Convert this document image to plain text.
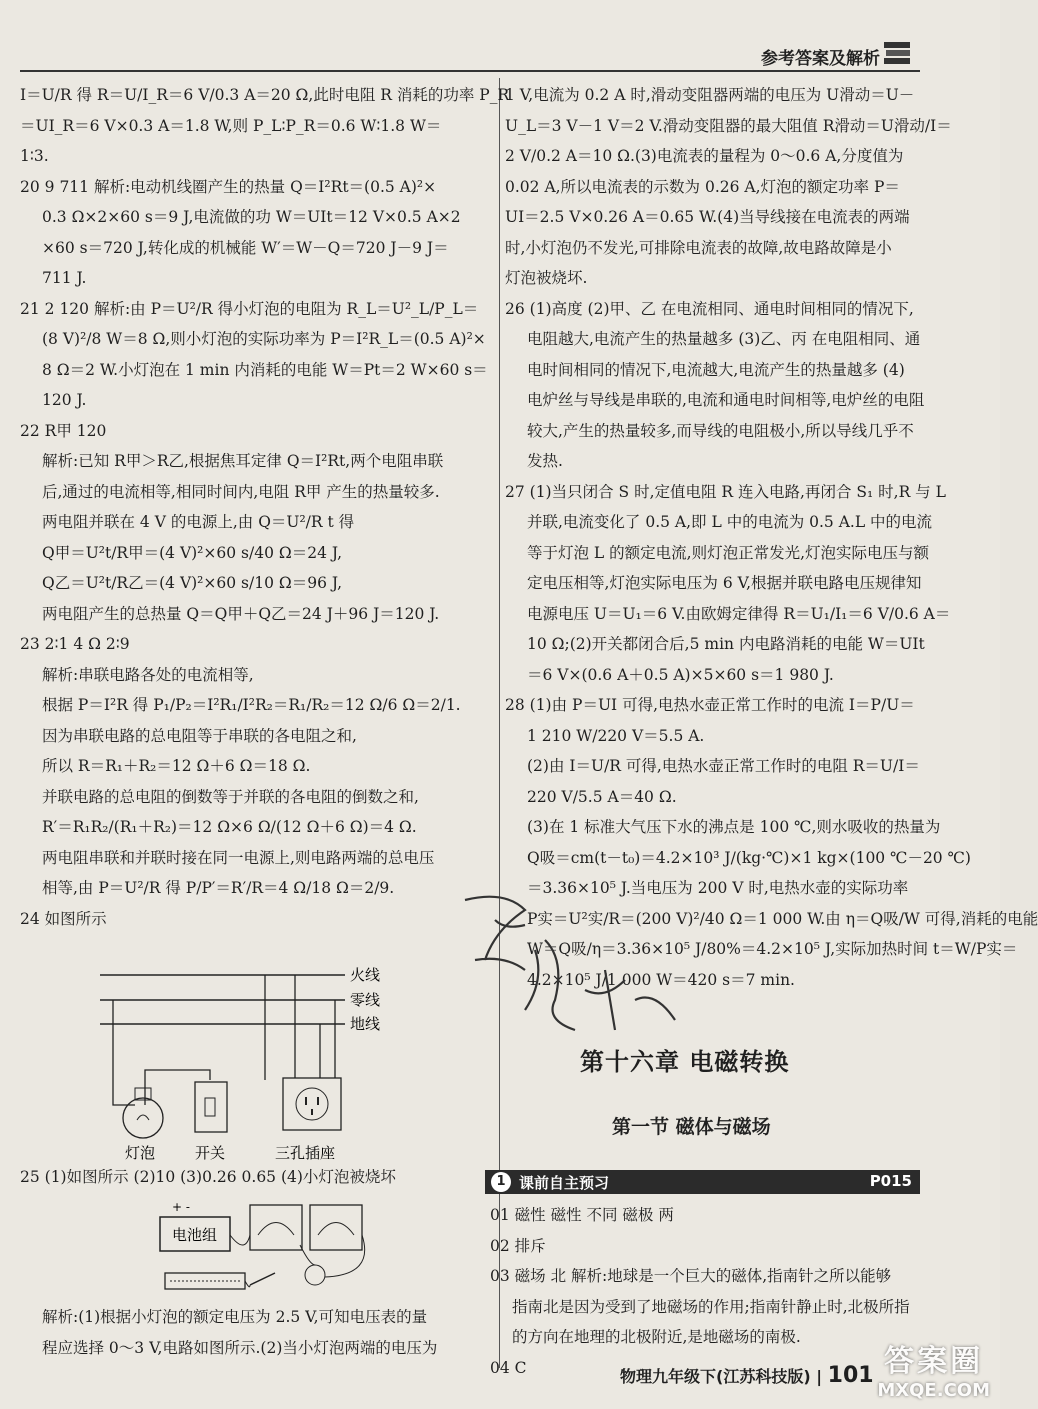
参考答案及解析
I＝U/R 得 R＝U/I_R＝6 V/0.3 A＝20 Ω,此时电阻 R 消耗的功率 P_R
＝UI_R＝6 V×0.3 A＝1.8 W,则 P_L∶P_R＝0.6 W∶1.8 W＝
1∶3.
20 9 711 解析:电动机线圈产生的热量 Q＝I²Rt＝(0.5 A)²×
0.3 Ω×2×60 s＝9 J,电流做的功 W＝UIt＝12 V×0.5 A×2
×60 s＝720 J,转化成的机械能 W′＝W－Q＝720 J－9 J＝
711 J.
21 2 120 解析:由 P＝U²/R 得小灯泡的电阻为 R_L＝U²_L/P_L＝
(8 V)²/8 W＝8 Ω,则小灯泡的实际功率为 P＝I²R_L＝(0.5 A)²×
8 Ω＝2 W.小灯泡在 1 min 内消耗的电能 W＝Pt＝2 W×60 s＝
120 J.
22 R甲 120
解析:已知 R甲＞R乙,根据焦耳定律 Q＝I²Rt,两个电阻串联
后,通过的电流相等,相同时间内,电阻 R甲 产生的热量较多.
两电阻并联在 4 V 的电源上,由 Q＝U²/R t 得
Q甲＝U²t/R甲＝(4 V)²×60 s/40 Ω＝24 J,
Q乙＝U²t/R乙＝(4 V)²×60 s/10 Ω＝96 J,
两电阻产生的总热量 Q＝Q甲＋Q乙＝24 J＋96 J＝120 J.
23 2∶1 4 Ω 2∶9
解析:串联电路各处的电流相等,
根据 P＝I²R 得 P₁/P₂＝I²R₁/I²R₂＝R₁/R₂＝12 Ω/6 Ω＝2/1.
因为串联电路的总电阻等于串联的各电阻之和,
所以 R＝R₁＋R₂＝12 Ω＋6 Ω＝18 Ω.
并联电路的总电阻的倒数等于并联的各电阻的倒数之和,
R′＝R₁R₂/(R₁＋R₂)＝12 Ω×6 Ω/(12 Ω＋6 Ω)＝4 Ω.
两电阻串联和并联时接在同一电源上,则电路两端的总电压
相等,由 P＝U²/R 得 P/P′＝R′/R＝4 Ω/18 Ω＝2/9.
24 如图所示
火线
零线
地线
灯泡	开关	三孔插座
25 (1)如图所示 (2)10 (3)0.26 0.65 (4)小灯泡被烧坏
电池组
+ -
解析:(1)根据小灯泡的额定电压为 2.5 V,可知电压表的量
程应选择 0～3 V,电路如图所示.(2)当小灯泡两端的电压为
1 V,电流为 0.2 A 时,滑动变阻器两端的电压为 U滑动＝U－
U_L＝3 V－1 V＝2 V.滑动变阻器的最大阻值 R滑动＝U滑动/I＝
2 V/0.2 A＝10 Ω.(3)电流表的量程为 0～0.6 A,分度值为
0.02 A,所以电流表的示数为 0.26 A,灯泡的额定功率 P＝
UI＝2.5 V×0.26 A＝0.65 W.(4)当导线接在电流表的两端
时,小灯泡仍不发光,可排除电流表的故障,故电路故障是小
灯泡被烧坏.
26 (1)高度 (2)甲、乙 在电流相同、通电时间相同的情况下,
电阻越大,电流产生的热量越多 (3)乙、丙 在电阻相同、通
电时间相同的情况下,电流越大,电流产生的热量越多 (4)
电炉丝与导线是串联的,电流和通电时间相等,电炉丝的电阻
较大,产生的热量较多,而导线的电阻极小,所以导线几乎不
发热.
27 (1)当只闭合 S 时,定值电阻 R 连入电路,再闭合 S₁ 时,R 与 L
并联,电流变化了 0.5 A,即 L 中的电流为 0.5 A.L 中的电流
等于灯泡 L 的额定电流,则灯泡正常发光,灯泡实际电压与额
定电压相等,灯泡实际电压为 6 V,根据并联电路电压规律知
电源电压 U＝U₁＝6 V.由欧姆定律得 R＝U₁/I₁＝6 V/0.6 A＝
10 Ω;(2)开关都闭合后,5 min 内电路消耗的电能 W＝UIt
＝6 V×(0.6 A＋0.5 A)×5×60 s＝1 980 J.
28 (1)由 P＝UI 可得,电热水壶正常工作时的电流 I＝P/U＝
1 210 W/220 V＝5.5 A.
(2)由 I＝U/R 可得,电热水壶正常工作时的电阻 R＝U/I＝
220 V/5.5 A＝40 Ω.
(3)在 1 标准大气压下水的沸点是 100 ℃,则水吸收的热量为
Q吸＝cm(t－t₀)＝4.2×10³ J/(kg·℃)×1 kg×(100 ℃－20 ℃)
＝3.36×10⁵ J.当电压为 200 V 时,电热水壶的实际功率
P实＝U²实/R＝(200 V)²/40 Ω＝1 000 W.由 η＝Q吸/W 可得,消耗的电能
W＝Q吸/η＝3.36×10⁵ J/80%＝4.2×10⁵ J,实际加热时间 t＝W/P实＝
4.2×10⁵ J/1 000 W＝420 s＝7 min.
第十六章 电磁转换
第一节 磁体与磁场
1 课前自主预习	P015
01 磁性 磁性 不同 磁极 两
02 排斥
03 磁场 北 解析:地球是一个巨大的磁体,指南针之所以能够
指南北是因为受到了地磁场的作用;指南针静止时,北极所指
的方向在地理的北极附近,是地磁场的南极.
04 C	物理九年级下(江苏科技版) | 101 答案圈
MXQE.COM
